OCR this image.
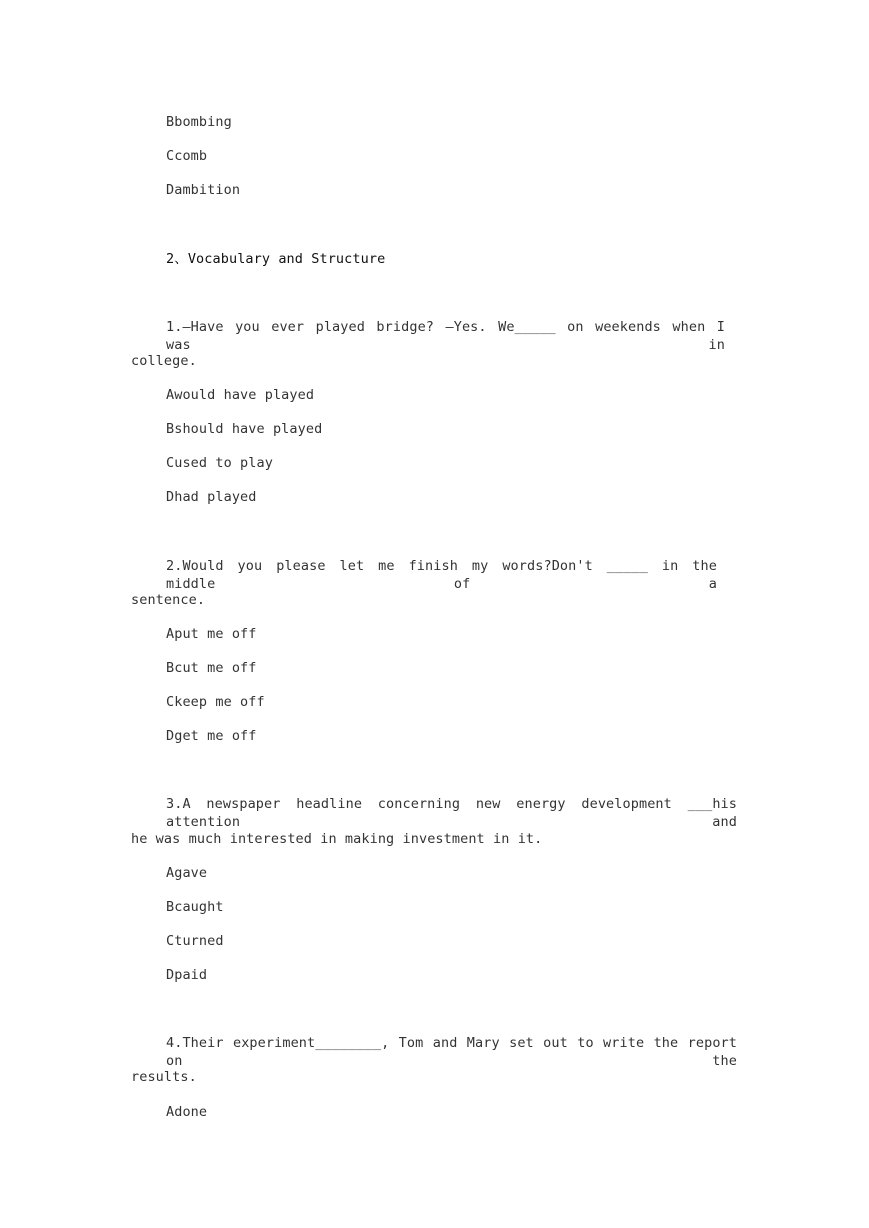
Bbombing
Ccomb
Dambition
2、Vocabulary and Structure
1.—Have you ever played bridge? —Yes. We_____ on weekends when I was in
college.
Awould have played
Bshould have played
Cused to play
Dhad played
2.Would you please let me finish my words?Don't _____ in the middle of a
sentence.
Aput me off
Bcut me off
Ckeep me off
Dget me off
3.A newspaper headline concerning new energy development ___his attention and
he was much interested in making investment in it.
Agave
Bcaught
Cturned
Dpaid
4.Their experiment________, Tom and Mary set out to write the report on the
results.
Adone
